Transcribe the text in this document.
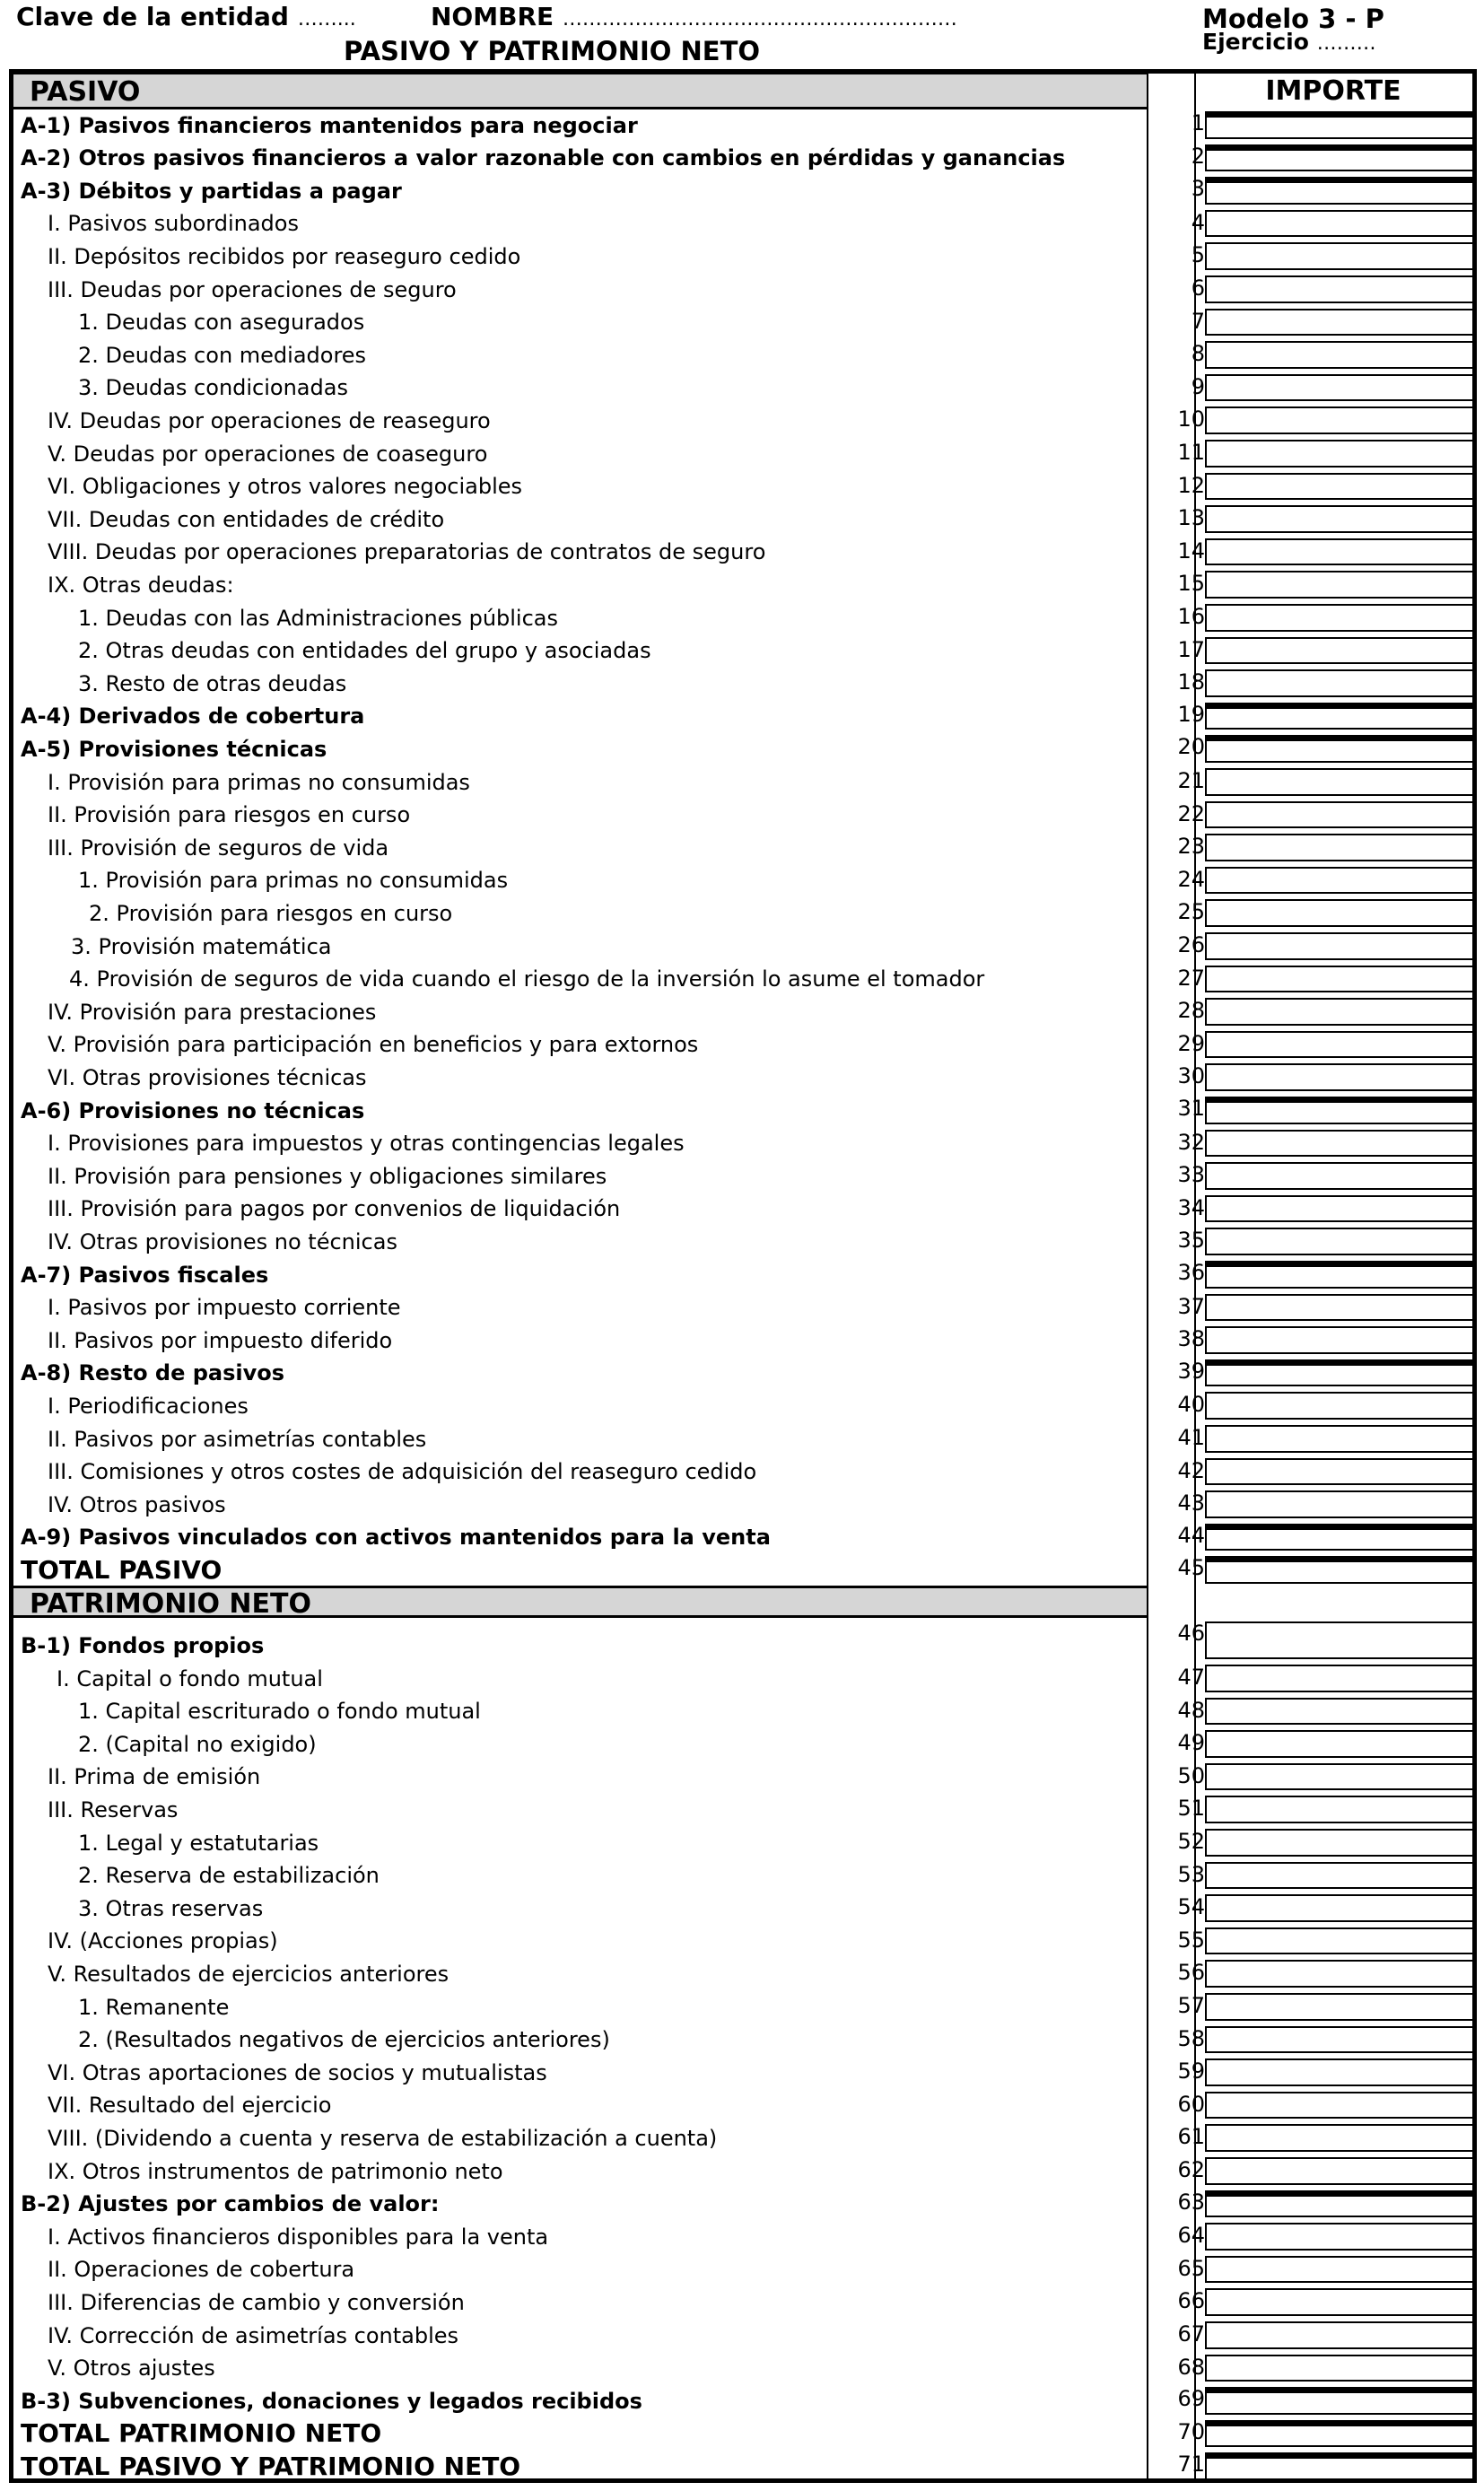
Clave de la entidad ……...	NOMBRE ……………………………………………………	Modelo 3 - P
Ejercicio ………
PASIVO Y PATRIMONIO NETO
PASIVO	IMPORTE
A-1) Pasivos financieros mantenidos para negociar	1
A-2) Otros pasivos financieros a valor razonable con cambios en pérdidas y ganancias	2
A-3) Débitos y partidas a pagar	3
I. Pasivos subordinados	4
II. Depósitos recibidos por reaseguro cedido	5
III. Deudas por operaciones de seguro	6
1. Deudas con asegurados	7
2. Deudas con mediadores	8
3. Deudas condicionadas	9
IV. Deudas por operaciones de reaseguro	10
V. Deudas por operaciones de coaseguro	11
VI. Obligaciones y otros valores negociables	12
VII. Deudas con entidades de crédito	13
VIII. Deudas por operaciones preparatorias de contratos de seguro	14
IX. Otras deudas:	15
1. Deudas con las Administraciones públicas	16
2. Otras deudas con entidades del grupo y asociadas	17
3. Resto de otras deudas	18
A-4) Derivados de cobertura	19
A-5) Provisiones técnicas	20
I. Provisión para primas no consumidas	21
II. Provisión para riesgos en curso	22
III. Provisión de seguros de vida	23
1. Provisión para primas no consumidas	24
2. Provisión para riesgos en curso	25
3. Provisión matemática	26
4. Provisión de seguros de vida cuando el riesgo de la inversión lo asume el tomador	27
IV. Provisión para prestaciones	28
V. Provisión para participación en beneficios y para extornos	29
VI. Otras provisiones técnicas	30
A-6) Provisiones no técnicas	31
I. Provisiones para impuestos y otras contingencias legales	32
II. Provisión para pensiones y obligaciones similares	33
III. Provisión para pagos por convenios de liquidación	34
IV. Otras provisiones no técnicas	35
A-7) Pasivos fiscales	36
I. Pasivos por impuesto corriente	37
II. Pasivos por impuesto diferido	38
A-8) Resto de pasivos	39
I. Periodificaciones	40
II. Pasivos por asimetrías contables	41
III. Comisiones y otros costes de adquisición del reaseguro cedido	42
IV. Otros pasivos	43
A-9) Pasivos vinculados con activos mantenidos para la venta	44
TOTAL PASIVO	45
PATRIMONIO NETO
B-1) Fondos propios	46
I. Capital o fondo mutual	47
1. Capital escriturado o fondo mutual	48
2. (Capital no exigido)	49
II. Prima de emisión	50
III. Reservas	51
1. Legal y estatutarias	52
2. Reserva de estabilización	53
3. Otras reservas	54
IV. (Acciones propias)	55
V. Resultados de ejercicios anteriores	56
1. Remanente	57
2. (Resultados negativos de ejercicios anteriores)	58
VI. Otras aportaciones de socios y mutualistas	59
VII. Resultado del ejercicio	60
VIII. (Dividendo a cuenta y reserva de estabilización a cuenta)	61
IX. Otros instrumentos de patrimonio neto	62
B-2) Ajustes por cambios de valor:	63
I. Activos financieros disponibles para la venta	64
II. Operaciones de cobertura	65
III. Diferencias de cambio y conversión	66
IV. Corrección de asimetrías contables	67
V. Otros ajustes	68
B-3) Subvenciones, donaciones y legados recibidos	69
TOTAL PATRIMONIO NETO	70
TOTAL PASIVO Y PATRIMONIO NETO	71
